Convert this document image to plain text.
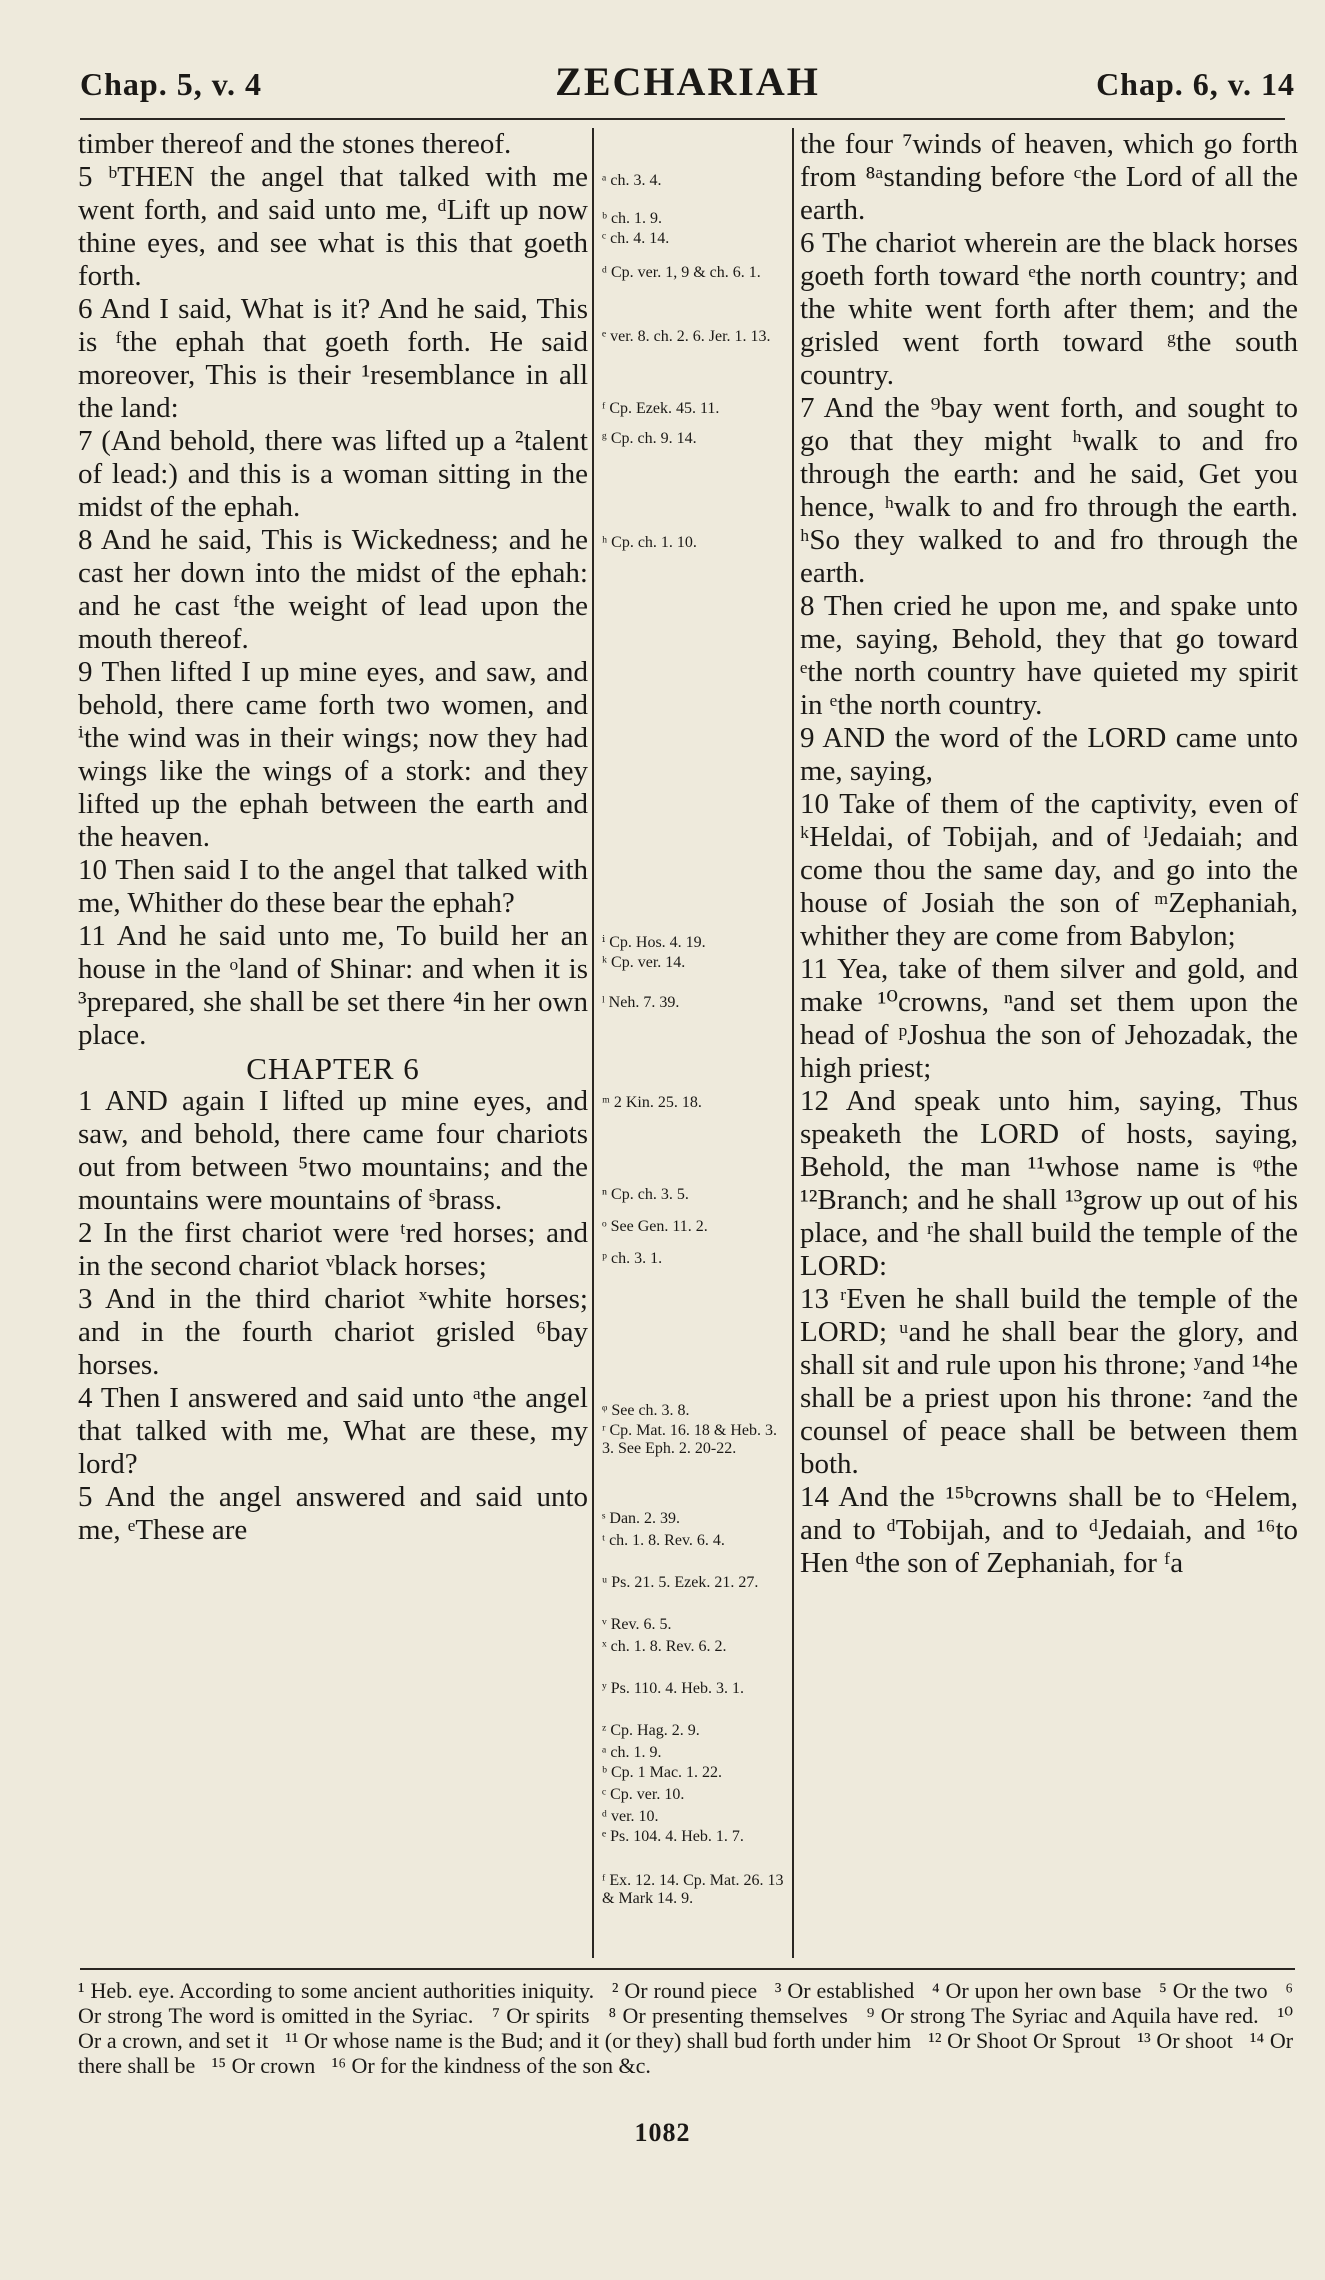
Chap. 5, v. 4	ZECHARIAH	Chap. 6, v. 14

timber thereof and the stones thereof.

5 ᵇTHEN the angel that talked with me went forth, and said unto me, ᵈLift up now thine eyes, and see what is this that goeth forth.

6 And I said, What is it? And he said, This is ᶠthe ephah that goeth forth. He said moreover, This is their ¹resemblance in all the land:

7 (And behold, there was lifted up a ²talent of lead:) and this is a woman sitting in the midst of the ephah.

8 And he said, This is Wickedness; and he cast her down into the midst of the ephah: and he cast ᶠthe weight of lead upon the mouth thereof.

9 Then lifted I up mine eyes, and saw, and behold, there came forth two women, and ⁱthe wind was in their wings; now they had wings like the wings of a stork: and they lifted up the ephah between the earth and the heaven.

10 Then said I to the angel that talked with me, Whither do these bear the ephah?

11 And he said unto me, To build her an house in the ᵒland of Shinar: and when it is ³prepared, she shall be set there ⁴in her own place.

CHAPTER 6

1 AND again I lifted up mine eyes, and saw, and behold, there came four chariots out from between ⁵two mountains; and the mountains were mountains of ˢbrass.

2 In the first chariot were ᵗred horses; and in the second chariot ᵛblack horses;

3 And in the third chariot ˣwhite horses; and in the fourth chariot grisled ⁶bay horses.

4 Then I answered and said unto ᵃthe angel that talked with me, What are these, my lord?

5 And the angel answered and said unto me, ᵉThese are

ᵃ ch. 3. 4.
ᵇ ch. 1. 9.
ᶜ ch. 4. 14.
ᵈ Cp. ver. 1, 9 & ch. 6. 1.
ᵉ ver. 8. ch. 2. 6. Jer. 1. 13.
ᶠ Cp. Ezek. 45. 11.
ᵍ Cp. ch. 9. 14.
ʰ Cp. ch. 1. 10.
ⁱ Cp. Hos. 4. 19.
ᵏ Cp. ver. 14.
ˡ Neh. 7. 39.
ᵐ 2 Kin. 25. 18.
ⁿ Cp. ch. 3. 5.
ᵒ See Gen. 11. 2.
ᵖ ch. 3. 1.
ᵠ See ch. 3. 8.
ʳ Cp. Mat. 16. 18 & Heb. 3. 3. See Eph. 2. 20-22.
ˢ Dan. 2. 39.
ᵗ ch. 1. 8. Rev. 6. 4.
ᵘ Ps. 21. 5. Ezek. 21. 27.
ᵛ Rev. 6. 5.
ˣ ch. 1. 8. Rev. 6. 2.
ʸ Ps. 110. 4. Heb. 3. 1.
ᶻ Cp. Hag. 2. 9.
ᵃ ch. 1. 9.
ᵇ Cp. 1 Mac. 1. 22.
ᶜ Cp. ver. 10.
ᵈ ver. 10.
ᵉ Ps. 104. 4. Heb. 1. 7.
ᶠ Ex. 12. 14. Cp. Mat. 26. 13 & Mark 14. 9.

the four ⁷winds of heaven, which go forth from ⁸ᵃstanding before ᶜthe Lord of all the earth.

6 The chariot wherein are the black horses goeth forth toward ᵉthe north country; and the white went forth after them; and the grisled went forth toward ᵍthe south country.

7 And the ⁹bay went forth, and sought to go that they might ʰwalk to and fro through the earth: and he said, Get you hence, ʰwalk to and fro through the earth. ʰSo they walked to and fro through the earth.

8 Then cried he upon me, and spake unto me, saying, Behold, they that go toward ᵉthe north country have quieted my spirit in ᵉthe north country.

9 AND the word of the LORD came unto me, saying,

10 Take of them of the captivity, even of ᵏHeldai, of Tobijah, and of ˡJedaiah; and come thou the same day, and go into the house of Josiah the son of ᵐZephaniah, whither they are come from Babylon;

11 Yea, take of them silver and gold, and make ¹⁰crowns, ⁿand set them upon the head of ᵖJoshua the son of Jehozadak, the high priest;

12 And speak unto him, saying, Thus speaketh the LORD of hosts, saying, Behold, the man ¹¹whose name is ᵠthe ¹²Branch; and he shall ¹³grow up out of his place, and ʳhe shall build the temple of the LORD:

13 ʳEven he shall build the temple of the LORD; ᵘand he shall bear the glory, and shall sit and rule upon his throne; ʸand ¹⁴he shall be a priest upon his throne: ᶻand the counsel of peace shall be between them both.

14 And the ¹⁵ᵇcrowns shall be to ᶜHelem, and to ᵈTobijah, and to ᵈJedaiah, and ¹⁶to Hen ᵈthe son of Zephaniah, for ᶠa

¹ Heb. eye. According to some ancient authorities iniquity. ² Or round piece ³ Or established ⁴ Or upon her own base ⁵ Or the two ⁶ Or strong The word is omitted in the Syriac. ⁷ Or spirits ⁸ Or presenting themselves ⁹ Or strong The Syriac and Aquila have red. ¹⁰ Or a crown, and set it ¹¹ Or whose name is the Bud; and it (or they) shall bud forth under him ¹² Or Shoot Or Sprout ¹³ Or shoot ¹⁴ Or there shall be ¹⁵ Or crown ¹⁶ Or for the kindness of the son &c.
1082
